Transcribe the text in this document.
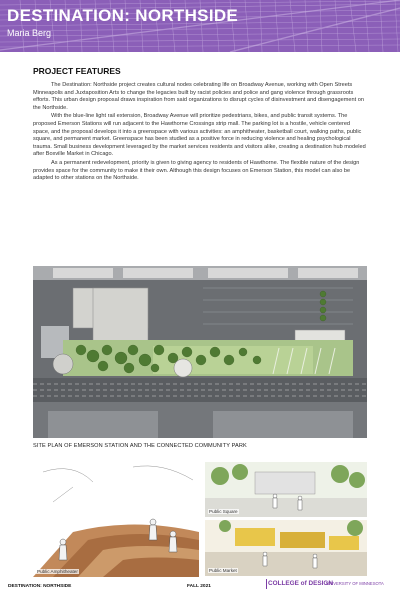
DESTINATION: NORTHSIDE
Maria Berg
PROJECT FEATURES

The Destination: Northside project creates cultural nodes celebrating life on Broadway Avenue, working with Open Streets Minneapolis and Juxtaposition Arts to change the legacies built by racist policies and police and gang violence through grassroots efforts. This urban design proposal draws inspiration from said organizations to disrupt cycles of disinvestment and disengagement on the Northside.

With the blue-line light rail extension, Broadway Avenue will prioritize pedestrians, bikes, and public transit systems. The proposed Emerson Stations will run adjacent to the Hawthorne Crossings strip mall. The parking lot is a hostile, vehicle centered space, and the proposal develops it into a greenspace with various activities: an amphitheater, basketball court, walking paths, public square, and permanent market. Greenspace has been studied as a positive force in reducing violence and healing psychological trauma. Small business development leveraged by the market services residents and visitors alike, creating a destination hub modeled after Boxville Market in Chicago.

As a permanent redevelopment, priority is given to giving agency to residents of Hawthorne. The flexible nature of the design provides space for the community to make it their own. Although this design focuses on Emerson Station, this model can also be adapted to other stations on the Northside.

SITE PLAN OF EMERSON STATION AND THE CONNECTED COMMUNITY PARK
Public Amphitheater
Public Square
Public Market
DESTINATION: NORTHSIDE	FALL 2021	COLLEGE of DESIGN
UNIVERSITY OF MINNESOTA
